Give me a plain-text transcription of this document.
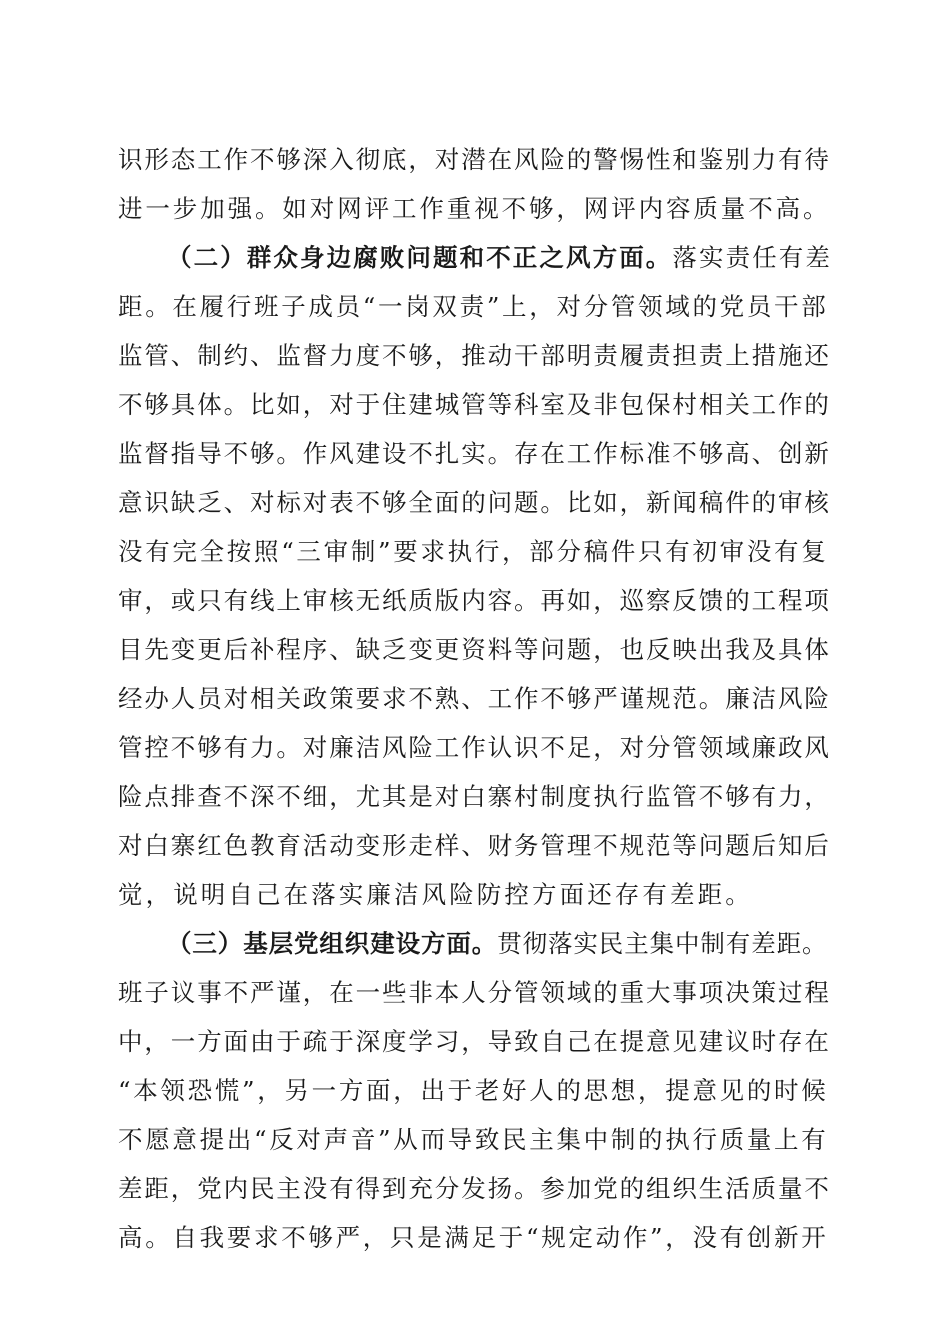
识形态工作不够深入彻底，对潜在风险的警惕性和鉴别力有待
进一步加强。如对网评工作重视不够，网评内容质量不高。
（二）群众身边腐败问题和不正之风方面。落实责任有差
距。在履行班子成员“一岗双责”上，对分管领域的党员干部
监管、制约、监督力度不够，推动干部明责履责担责上措施还
不够具体。比如，对于住建城管等科室及非包保村相关工作的
监督指导不够。作风建设不扎实。存在工作标准不够高、创新
意识缺乏、对标对表不够全面的问题。比如，新闻稿件的审核
没有完全按照“三审制”要求执行，部分稿件只有初审没有复
审，或只有线上审核无纸质版内容。再如，巡察反馈的工程项
目先变更后补程序、缺乏变更资料等问题，也反映出我及具体
经办人员对相关政策要求不熟、工作不够严谨规范。廉洁风险
管控不够有力。对廉洁风险工作认识不足，对分管领域廉政风
险点排查不深不细，尤其是对白寨村制度执行监管不够有力，
对白寨红色教育活动变形走样、财务管理不规范等问题后知后
觉，说明自己在落实廉洁风险防控方面还存有差距。
（三）基层党组织建设方面。贯彻落实民主集中制有差距。
班子议事不严谨，在一些非本人分管领域的重大事项决策过程
中，一方面由于疏于深度学习，导致自己在提意见建议时存在
“本领恐慌”，另一方面，出于老好人的思想，提意见的时候
不愿意提出“反对声音”从而导致民主集中制的执行质量上有
差距，党内民主没有得到充分发扬。参加党的组织生活质量不
高。自我要求不够严，只是满足于“规定动作”，没有创新开
